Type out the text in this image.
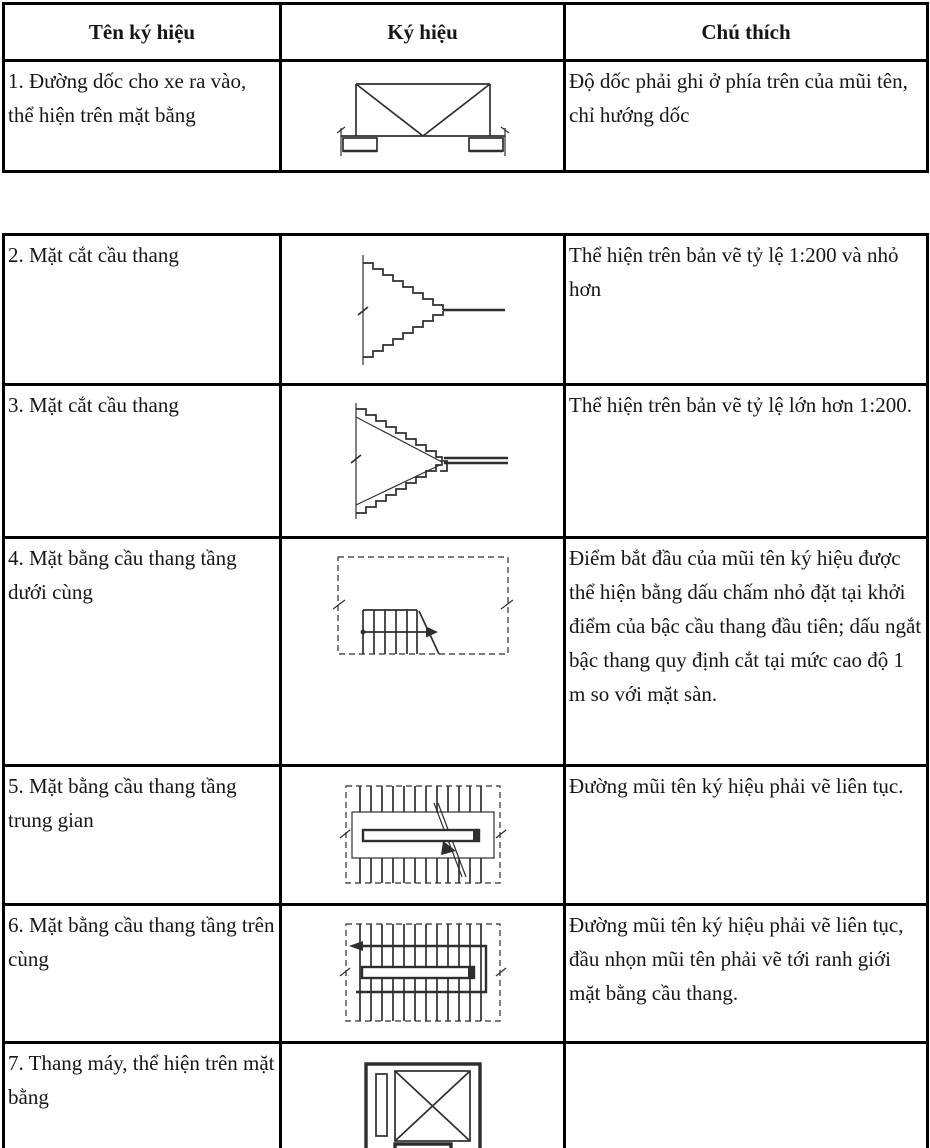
Tên ký hiệu	Ký hiệu	Chú thích
1. Đường dốc cho xe ra vào, thể hiện trên mặt bằng		Độ dốc phải ghi ở phía trên của mũi tên, chỉ hướng dốc
2. Mặt cắt cầu thang		Thể hiện trên bản vẽ tỷ lệ 1:200 và nhỏ hơn
3. Mặt cắt cầu thang		Thể hiện trên bản vẽ tỷ lệ lớn hơn 1:200.
4. Mặt bằng cầu thang tầng dưới cùng		Điểm bắt đầu của mũi tên ký hiệu được thể hiện bằng dấu chấm nhỏ đặt tại khởi điểm của bậc cầu thang đầu tiên; dấu ngắt bậc thang quy định cắt tại mức cao độ 1 m so với mặt sàn.
5. Mặt bằng cầu thang tầng trung gian		Đường mũi tên ký hiệu phải vẽ liên tục.
6. Mặt bằng cầu thang tầng trên cùng		Đường mũi tên ký hiệu phải vẽ liên tục, đầu nhọn mũi tên phải vẽ tới ranh giới mặt bằng cầu thang.
7. Thang máy, thể hiện trên mặt bằng		
